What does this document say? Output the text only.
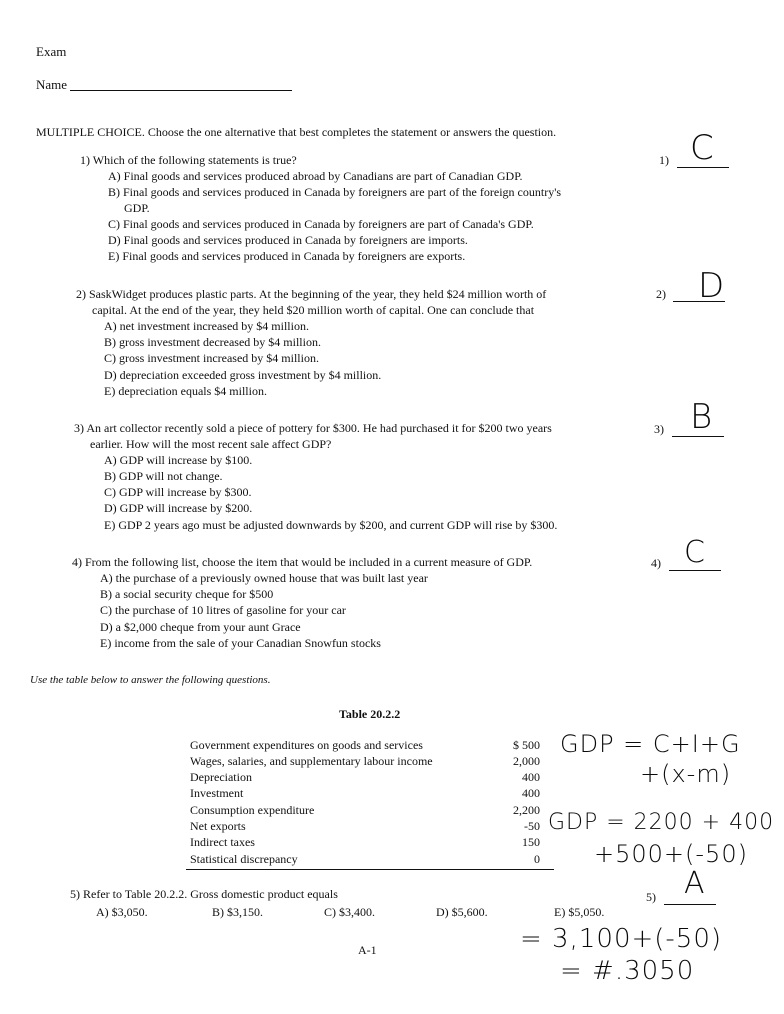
Exam
Name
MULTIPLE CHOICE. Choose the one alternative that best completes the statement or answers the question.
1) Which of the following statements is true?
A) Final goods and services produced abroad by Canadians are part of Canadian GDP.
B) Final goods and services produced in Canada by foreigners are part of the foreign country's
GDP.
C) Final goods and services produced in Canada by foreigners are part of Canada's GDP.
D) Final goods and services produced in Canada by foreigners are imports.
E) Final goods and services produced in Canada by foreigners are exports.
1) C
2) SaskWidget produces plastic parts. At the beginning of the year, they held $24 million worth of
capital. At the end of the year, they held $20 million worth of capital. One can conclude that
A) net investment increased by $4 million.
B) gross investment decreased by $4 million.
C) gross investment increased by $4 million.
D) depreciation exceeded gross investment by $4 million.
E) depreciation equals $4 million.
2) D
3) An art collector recently sold a piece of pottery for $300. He had purchased it for $200 two years
earlier. How will the most recent sale affect GDP?
A) GDP will increase by $100.
B) GDP will not change.
C) GDP will increase by $300.
D) GDP will increase by $200.
E) GDP 2 years ago must be adjusted downwards by $200, and current GDP will rise by $300.
3) B
4) From the following list, choose the item that would be included in a current measure of GDP.
A) the purchase of a previously owned house that was built last year
B) a social security cheque for $500
C) the purchase of 10 litres of gasoline for your car
D) a $2,000 cheque from your aunt Grace
E) income from the sale of your Canadian Snowfun stocks
4) C
Use the table below to answer the following questions.
Table 20.2.2
Government expenditures on goods and services	$ 500
Wages, salaries, and supplementary labour income	2,000
Depreciation	400
Investment	400
Consumption expenditure	2,200
Net exports	-50
Indirect taxes	150
Statistical discrepancy	0
5) Refer to Table 20.2.2. Gross domestic product equals
A) $3,050.	B) $3,150.	C) $3,400.	D) $5,600.	E) $5,050.
5) A
GDP = C+I+G
+(x-m)
GDP = 2200 + 400
+500+(-50)
= 3,100+(-50)
= #.3050
A-1
